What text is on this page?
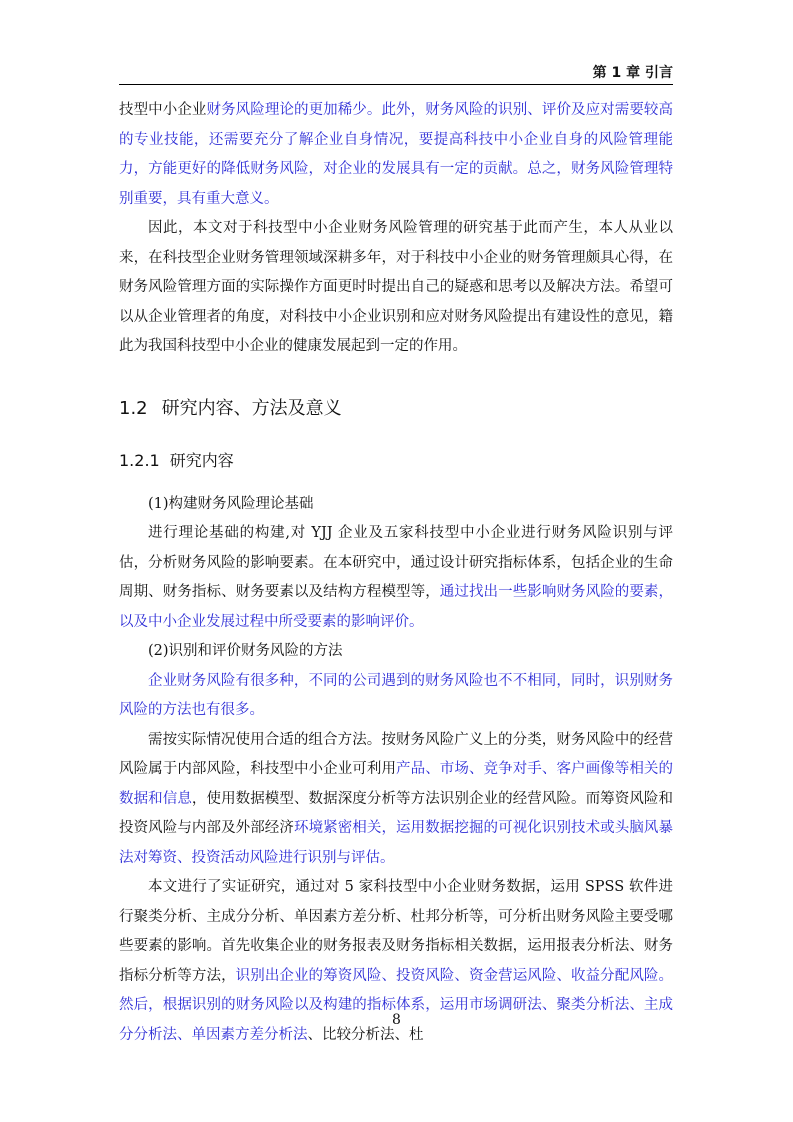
第 1 章 引言

技型中小企业财务风险理论的更加稀少。此外，财务风险的识别、评价及应对需要较高的专业技能，还需要充分了解企业自身情况，要提高科技中小企业自身的风险管理能力，方能更好的降低财务风险，对企业的发展具有一定的贡献。总之，财务风险管理特别重要，具有重大意义。

因此，本文对于科技型中小企业财务风险管理的研究基于此而产生，本人从业以来，在科技型企业财务管理领域深耕多年，对于科技中小企业的财务管理颇具心得，在财务风险管理方面的实际操作方面更时时提出自己的疑惑和思考以及解决方法。希望可以从企业管理者的角度，对科技中小企业识别和应对财务风险提出有建设性的意见，籍此为我国科技型中小企业的健康发展起到一定的作用。

1.2 研究内容、方法及意义
1.2.1 研究内容

(1)构建财务风险理论基础

进行理论基础的构建,对 YJJ 企业及五家科技型中小企业进行财务风险识别与评估，分析财务风险的影响要素。在本研究中，通过设计研究指标体系，包括企业的生命周期、财务指标、财务要素以及结构方程模型等，通过找出一些影响财务风险的要素，以及中小企业发展过程中所受要素的影响评价。

(2)识别和评价财务风险的方法

企业财务风险有很多种，不同的公司遇到的财务风险也不不相同，同时，识别财务风险的方法也有很多。

需按实际情况使用合适的组合方法。按财务风险广义上的分类，财务风险中的经营风险属于内部风险，科技型中小企业可利用产品、市场、竞争对手、客户画像等相关的数据和信息，使用数据模型、数据深度分析等方法识别企业的经营风险。而筹资风险和投资风险与内部及外部经济环境紧密相关，运用数据挖掘的可视化识别技术或头脑风暴法对筹资、投资活动风险进行识别与评估。

本文进行了实证研究，通过对 5 家科技型中小企业财务数据，运用 SPSS 软件进行聚类分析、主成分分析、单因素方差分析、杜邦分析等，可分析出财务风险主要受哪些要素的影响。首先收集企业的财务报表及财务指标相关数据，运用报表分析法、财务指标分析等方法，识别出企业的筹资风险、投资风险、资金营运风险、收益分配风险。然后，根据识别的财务风险以及构建的指标体系，运用市场调研法、聚类分析法、主成分分析法、单因素方差分析法、比较分析法、杜

8
